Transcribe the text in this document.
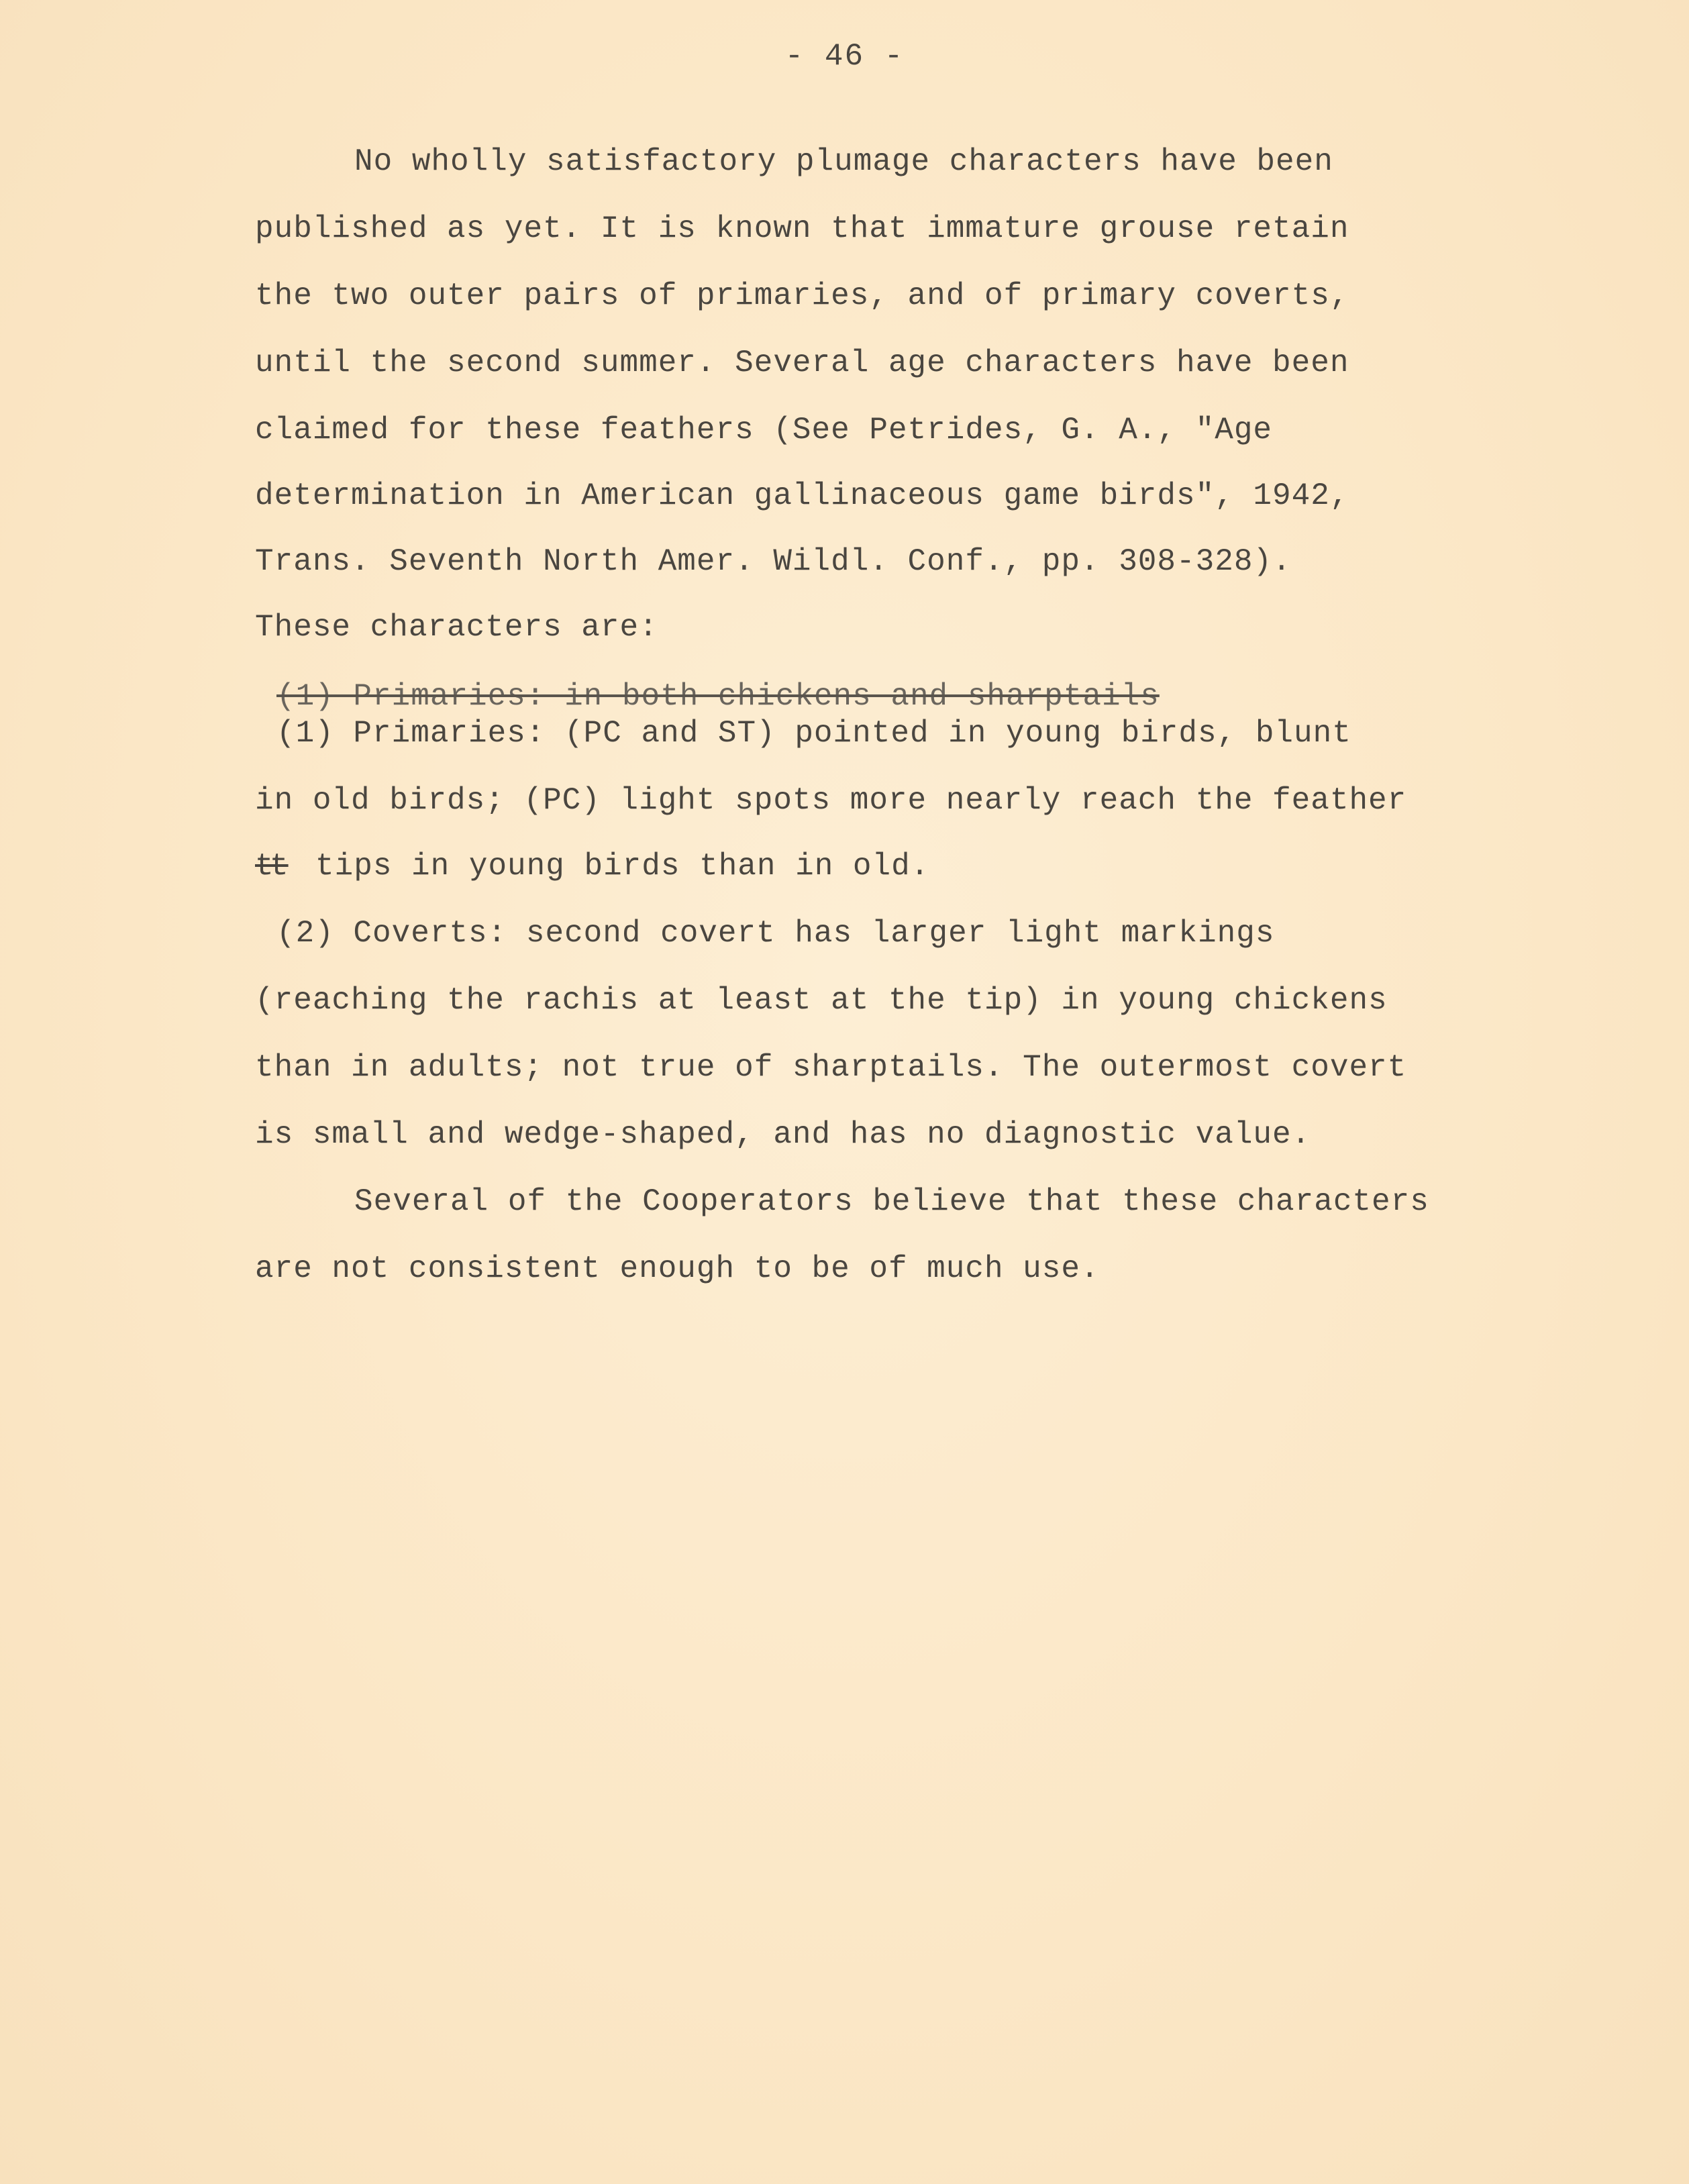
- 46 -
No wholly satisfactory plumage characters have been
published as yet. It is known that immature grouse retain
the two outer pairs of primaries, and of primary coverts,
until the second summer. Several age characters have been
claimed for these feathers (See Petrides, G. A., "Age
determination in American gallinaceous game birds", 1942,
Trans. Seventh North Amer. Wildl. Conf., pp. 308-328).
These characters are:
(1) Primaries: in both chickens and sharptails
(1) Primaries: (PC and ST) pointed in young birds, blunt
in old birds; (PC) light spots more nearly reach the feather
t
t tips in young birds than in old.
(2) Coverts: second covert has larger light markings
(reaching the rachis at least at the tip) in young chickens
than in adults; not true of sharptails. The outermost covert
is small and wedge-shaped, and has no diagnostic value.
Several of the Cooperators believe that these characters
are not consistent enough to be of much use.
